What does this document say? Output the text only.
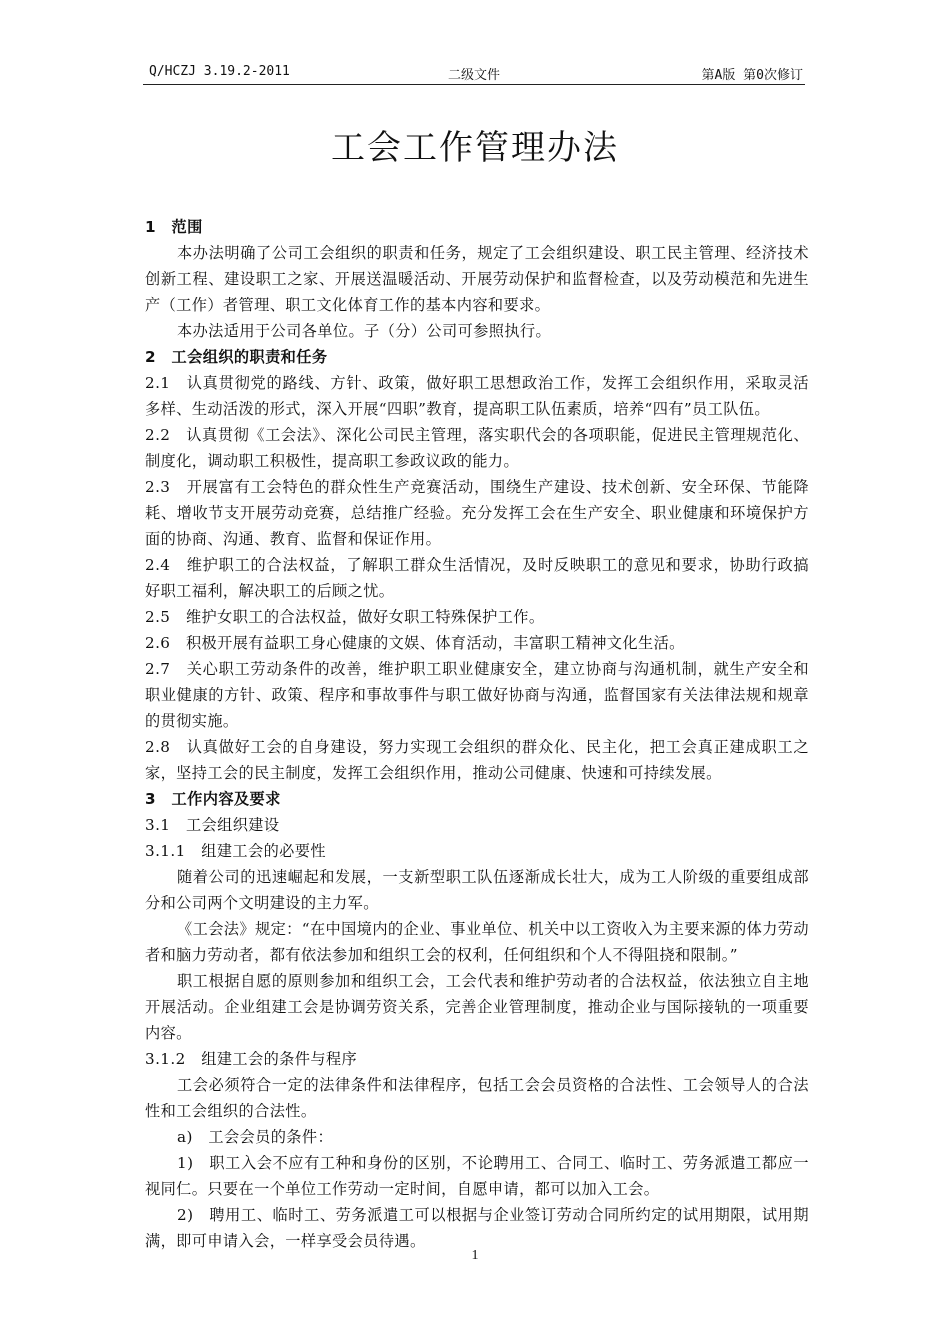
Q/HCZJ 3.19.2-2011	二级文件	第A版 第0次修订
工会工作管理办法

1　范围

本办法明确了公司工会组织的职责和任务，规定了工会组织建设、职工民主管理、经济技术创新工程、建设职工之家、开展送温暖活动、开展劳动保护和监督检查，以及劳动模范和先进生产（工作）者管理、职工文化体育工作的基本内容和要求。

本办法适用于公司各单位。子（分）公司可参照执行。

2　工会组织的职责和任务

2.1　认真贯彻党的路线、方针、政策，做好职工思想政治工作，发挥工会组织作用，采取灵活多样、生动活泼的形式，深入开展“四职”教育，提高职工队伍素质，培养“四有”员工队伍。

2.2　认真贯彻《工会法》、深化公司民主管理，落实职代会的各项职能，促进民主管理规范化、制度化，调动职工积极性，提高职工参政议政的能力。

2.3　开展富有工会特色的群众性生产竞赛活动，围绕生产建设、技术创新、安全环保、节能降耗、增收节支开展劳动竞赛，总结推广经验。充分发挥工会在生产安全、职业健康和环境保护方面的协商、沟通、教育、监督和保证作用。

2.4　维护职工的合法权益，了解职工群众生活情况，及时反映职工的意见和要求，协助行政搞好职工福利，解决职工的后顾之忧。

2.5　维护女职工的合法权益，做好女职工特殊保护工作。

2.6　积极开展有益职工身心健康的文娱、体育活动，丰富职工精神文化生活。

2.7　关心职工劳动条件的改善，维护职工职业健康安全，建立协商与沟通机制，就生产安全和职业健康的方针、政策、程序和事故事件与职工做好协商与沟通，监督国家有关法律法规和规章的贯彻实施。

2.8　认真做好工会的自身建设，努力实现工会组织的群众化、民主化，把工会真正建成职工之家，坚持工会的民主制度，发挥工会组织作用，推动公司健康、快速和可持续发展。

3　工作内容及要求

3.1　工会组织建设

3.1.1　组建工会的必要性

随着公司的迅速崛起和发展，一支新型职工队伍逐渐成长壮大，成为工人阶级的重要组成部分和公司两个文明建设的主力军。

《工会法》规定：“在中国境内的企业、事业单位、机关中以工资收入为主要来源的体力劳动者和脑力劳动者，都有依法参加和组织工会的权利，任何组织和个人不得阻挠和限制。”

职工根据自愿的原则参加和组织工会，工会代表和维护劳动者的合法权益，依法独立自主地开展活动。企业组建工会是协调劳资关系，完善企业管理制度，推动企业与国际接轨的一项重要内容。

3.1.2　组建工会的条件与程序

工会必须符合一定的法律条件和法律程序，包括工会会员资格的合法性、工会领导人的合法性和工会组织的合法性。

a)　工会会员的条件：

1)　职工入会不应有工种和身份的区别，不论聘用工、合同工、临时工、劳务派遣工都应一视同仁。只要在一个单位工作劳动一定时间，自愿申请，都可以加入工会。

2)　聘用工、临时工、劳务派遣工可以根据与企业签订劳动合同所约定的试用期限，试用期满，即可申请入会，一样享受会员待遇。

1
